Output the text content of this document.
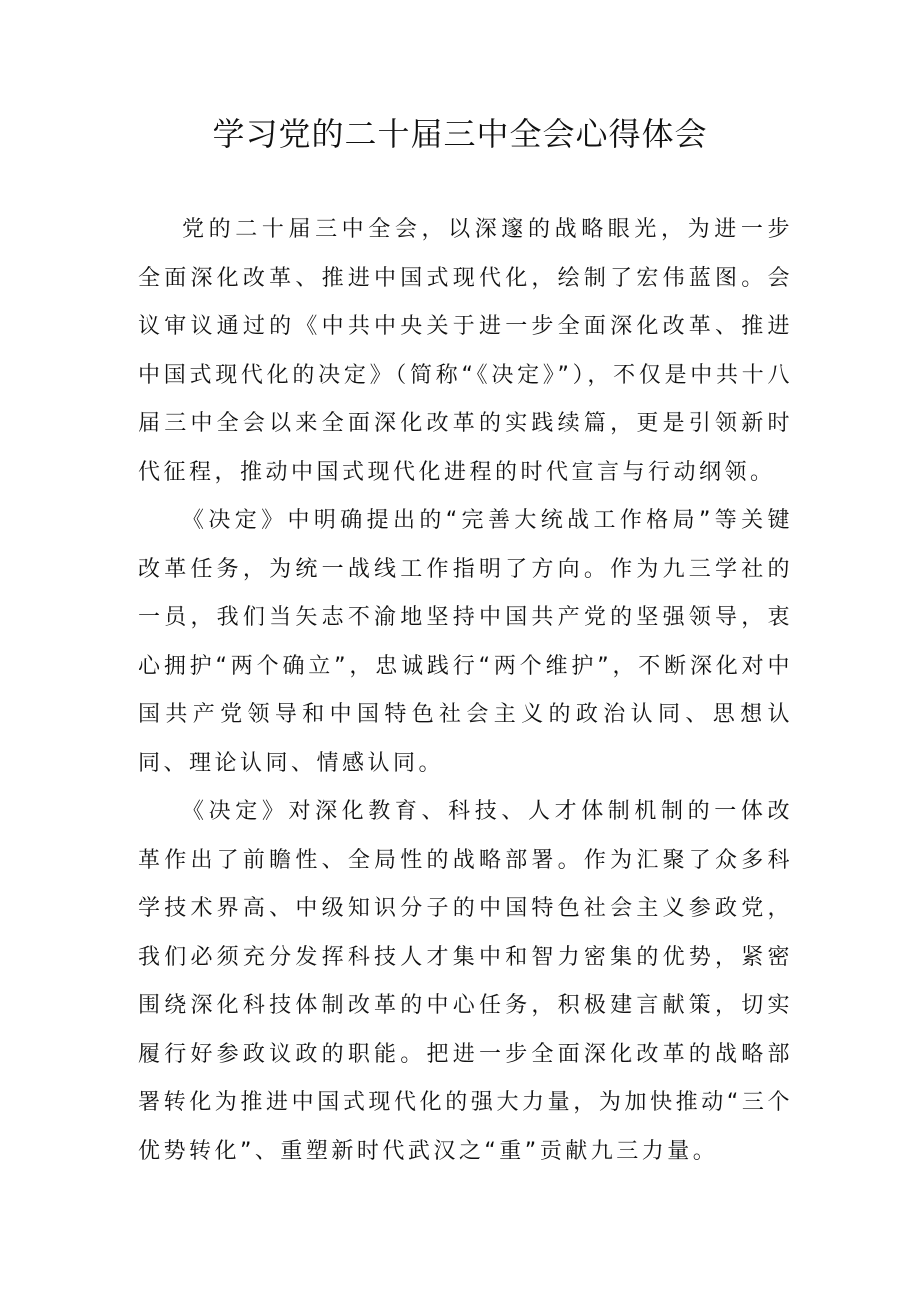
学习党的二十届三中全会心得体会

党的二十届三中全会，以深邃的战略眼光，为进一步全面深化改革、推进中国式现代化，绘制了宏伟蓝图。会议审议通过的《中共中央关于进一步全面深化改革、推进中国式现代化的决定》（简称“《决定》”），不仅是中共十八届三中全会以来全面深化改革的实践续篇，更是引领新时代征程，推动中国式现代化进程的时代宣言与行动纲领。

《决定》中明确提出的“完善大统战工作格局”等关键改革任务，为统一战线工作指明了方向。作为九三学社的一员，我们当矢志不渝地坚持中国共产党的坚强领导，衷心拥护“两个确立”，忠诚践行“两个维护”，不断深化对中国共产党领导和中国特色社会主义的政治认同、思想认同、理论认同、情感认同。

《决定》对深化教育、科技、人才体制机制的一体改革作出了前瞻性、全局性的战略部署。作为汇聚了众多科学技术界高、中级知识分子的中国特色社会主义参政党，我们必须充分发挥科技人才集中和智力密集的优势，紧密围绕深化科技体制改革的中心任务，积极建言献策，切实履行好参政议政的职能。把进一步全面深化改革的战略部署转化为推进中国式现代化的强大力量，为加快推动“三个优势转化”、重塑新时代武汉之“重”贡献九三力量。
